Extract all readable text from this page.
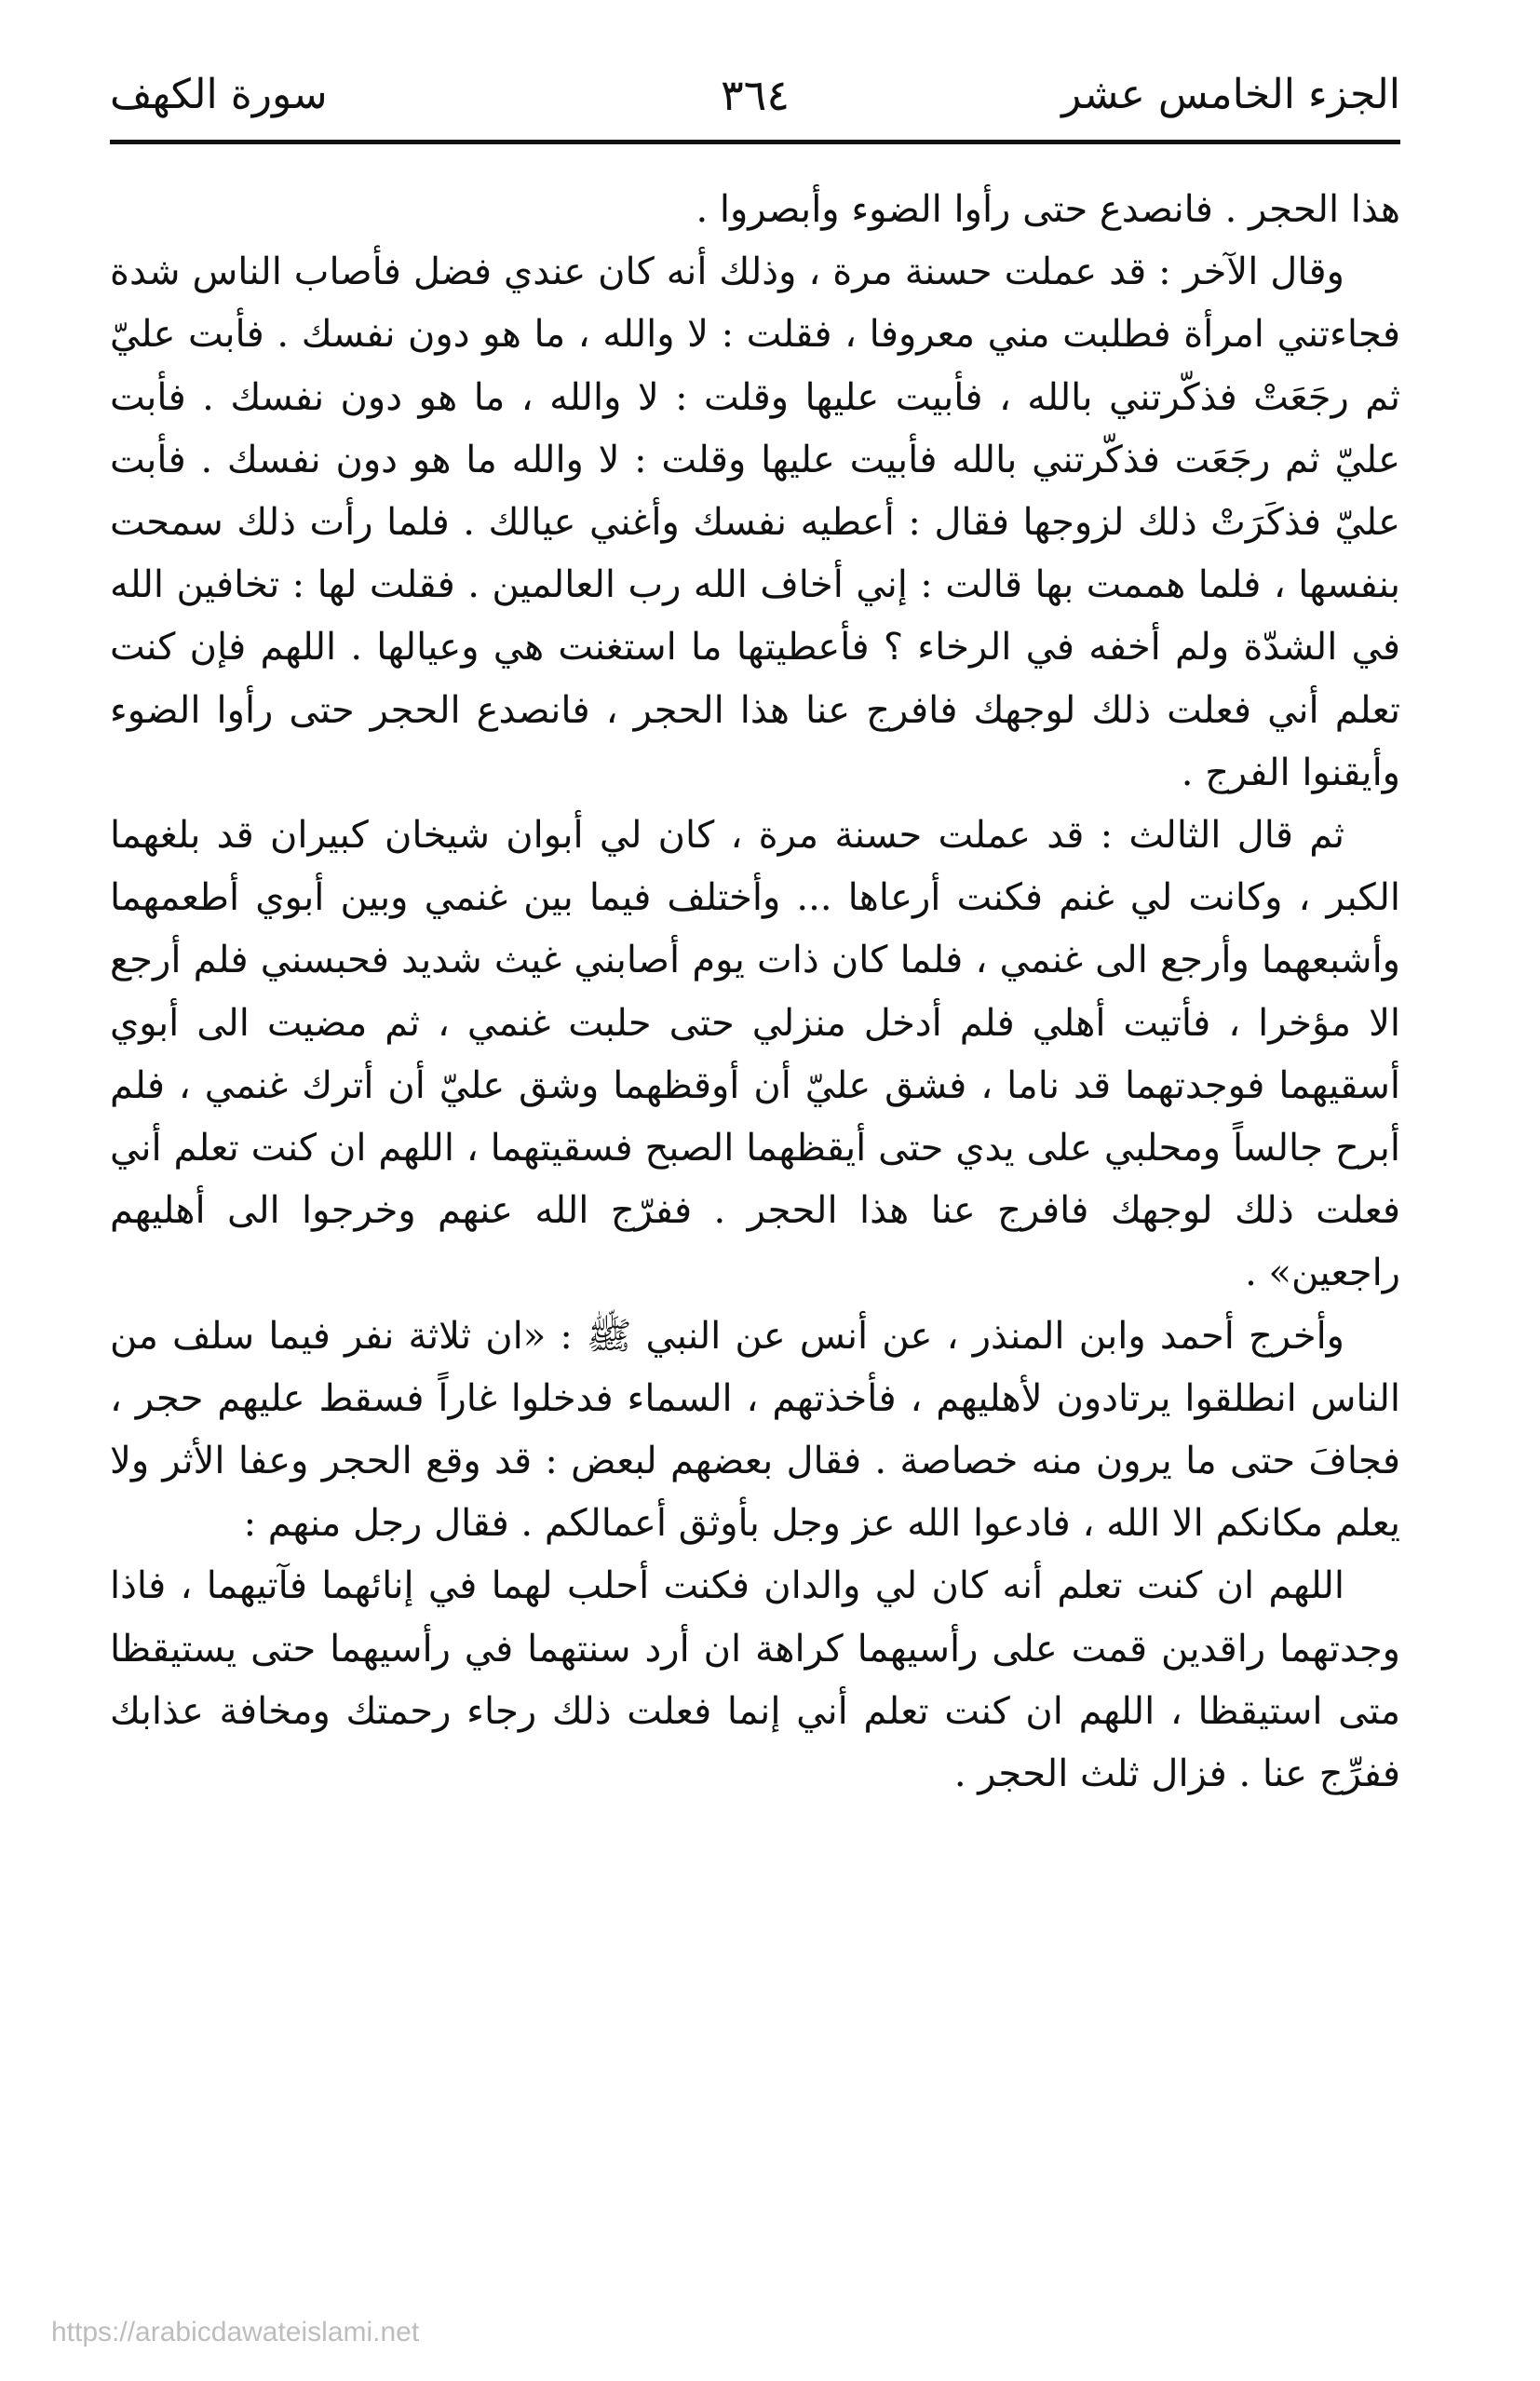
الجزء الخامس عشر
٣٦٤
سورة الكهف

هذا الحجر . فانصدع حتى رأوا الضوء وأبصروا .

وقال الآخر : قد عملت حسنة مرة ، وذلك أنه كان عندي فضل فأصاب الناس شدة فجاءتني امرأة فطلبت مني معروفا ، فقلت : لا والله ، ما هو دون نفسك . فأبت عليّ ثم رجَعَتْ فذكّرتني بالله ، فأبيت عليها وقلت : لا والله ، ما هو دون نفسك . فأبت عليّ ثم رجَعَت فذكّرتني بالله فأبيت عليها وقلت : لا والله ما هو دون نفسك . فأبت عليّ فذكَرَتْ ذلك لزوجها فقال : أعطيه نفسك وأغني عيالك . فلما رأت ذلك سمحت بنفسها ، فلما هممت بها قالت : إني أخاف الله رب العالمين . فقلت لها : تخافين الله في الشدّة ولم أخفه في الرخاء ؟ فأعطيتها ما استغنت هي وعيالها . اللهم فإن كنت تعلم أني فعلت ذلك لوجهك فافرج عنا هذا الحجر ، فانصدع الحجر حتى رأوا الضوء وأيقنوا الفرج .

ثم قال الثالث : قد عملت حسنة مرة ، كان لي أبوان شيخان كبيران قد بلغهما الكبر ، وكانت لي غنم فكنت أرعاها ... وأختلف فيما بين غنمي وبين أبوي أطعمهما وأشبعهما وأرجع الى غنمي ، فلما كان ذات يوم أصابني غيث شديد فحبسني فلم أرجع الا مؤخرا ، فأتيت أهلي فلم أدخل منزلي حتى حلبت غنمي ، ثم مضيت الى أبوي أسقيهما فوجدتهما قد ناما ، فشق عليّ أن أوقظهما وشق عليّ أن أترك غنمي ، فلم أبرح جالساً ومحلبي على يدي حتى أيقظهما الصبح فسقيتهما ، اللهم ان كنت تعلم أني فعلت ذلك لوجهك فافرج عنا هذا الحجر . ففرّج الله عنهم وخرجوا الى أهليهم راجعين» .

وأخرج أحمد وابن المنذر ، عن أنس عن النبي ﷺ : «ان ثلاثة نفر فيما سلف من الناس انطلقوا يرتادون لأهليهم ، فأخذتهم ، السماء فدخلوا غاراً فسقط عليهم حجر ، فجافَ حتى ما يرون منه خصاصة . فقال بعضهم لبعض : قد وقع الحجر وعفا الأثر ولا يعلم مكانكم الا الله ، فادعوا الله عز وجل بأوثق أعمالكم . فقال رجل منهم :

اللهم ان كنت تعلم أنه كان لي والدان فكنت أحلب لهما في إنائهما فآتيهما ، فاذا وجدتهما راقدين قمت على رأسيهما كراهة ان أرد سنتهما في رأسيهما حتى يستيقظا متى استيقظا ، اللهم ان كنت تعلم أني إنما فعلت ذلك رجاء رحمتك ومخافة عذابك ففرِّج عنا . فزال ثلث الحجر .

https://arabicdawateislami.net
